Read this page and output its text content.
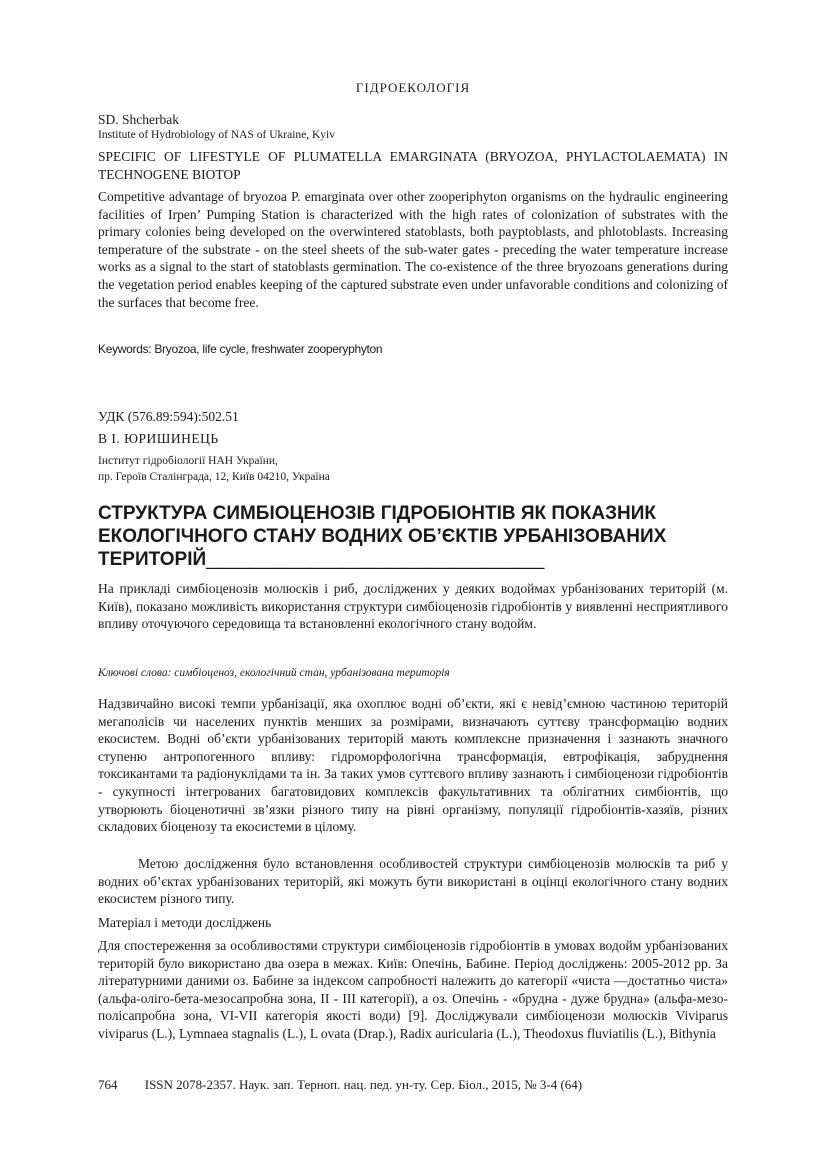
ГІДРОЕКОЛОГІЯ
SD. Shcherbak
Institute of Hydrobiology of NAS of Ukraine, Kyiv
SPECIFIC OF LIFESTYLE OF PLUMATELLA EMARGINATA (BRYOZOA, PHYLACTOLAEMATA) IN TECHNOGENE BIOTOP

Competitive advantage of bryozoa P. emarginata over other zooperiphyton organisms on the hydraulic engineering facilities of Irpen’ Pumping Station is characterized with the high rates of colonization of substrates with the primary colonies being developed on the overwintered statoblasts, both payptoblasts, and phlotoblasts. Increasing temperature of the substrate - on the steel sheets of the sub-water gates - preceding the water temperature increase works as a signal to the start of statoblasts germination. The co-existence of the three bryozoans generations during the vegetation period enables keeping of the captured substrate even under unfavorable conditions and colonizing of the surfaces that become free.

Keywords: Bryozoa, life cycle, freshwater zooperyphyton
УДК (576.89:594):502.51
В І. ЮРИШИНЕЦЬ
Інститут гідробіології НАН України,
пр. Героїв Сталінграда, 12, Київ 04210, Україна
СТРУКТУРА СИМБІОЦЕНОЗІВ ГІДРОБІОНТІВ ЯК ПОКАЗНИК ЕКОЛОГІЧНОГО СТАНУ ВОДНИХ ОБ’ЄКТІВ УРБАНІЗОВАНИХ ТЕРИТОРІЙ________________________________

На прикладі симбіоценозів молюсків і риб, досліджених у деяких водоймах урбанізованих територій (м. Київ), показано можливість використання структури симбіоценозів гідробіонтів у виявленні несприятливого впливу оточуючого середовища та встановленні екологічного стану водойм.

Ключові слова: симбіоценоз, екологічний стан, урбанізована територія

Надзвичайно високі темпи урбанізації, яка охоплює водні об’єкти, які є невід’ємною частиною територій мегаполісів чи населених пунктів менших за розмірами, визначають суттєву трансформацію водних екосистем. Водні об’єкти урбанізованих територій мають комплексне призначення і зазнають значного ступеню антропогенного впливу: гідроморфологічна трансформація, евтрофікація, забруднення токсикантами та радіонуклідами та ін. За таких умов суттєвого впливу зазнають і симбіоценози гідробіонтів - сукупності інтегрованих багатовидових комплексів факультативних та облігатних симбіонтів, що утворюють біоценотичні зв’язки різного типу на рівні організму, популяції гідробіонтів-хазяїв, різних складових біоценозу та екосистеми в цілому.

Метою дослідження було встановлення особливостей структури симбіоценозів молюсків та риб у водних об’єктах урбанізованих територій, які можуть бути використані в оцінці екологічного стану водних екосистем різного типу.

Матеріал і методи досліджень

Для спостереження за особливостями структури симбіоценозів гідробіонтів в умовах водойм урбанізованих територій було використано два озера в межах. Київ: Опечінь, Бабине. Період досліджень: 2005-2012 рр. За літературними даними оз. Бабине за індексом сапробності належить до категорії «чиста —достатньо чиста» (альфа-оліго-бета-мезосапробна зона, II - III категорії), а оз. Опечінь - «брудна - дуже брудна» (альфа-мезо-полісапробна зона, VI-VII категорія якості води) [9]. Досліджували симбіоценози молюсків Viviparus viviparus (L.), Lymnaea stagnalis (L.), L ovata (Drap.), Radix auricularia (L.), Theodoxus fluviatilis (L.), Bithynia

764 ISSN 2078-2357. Наук. зап. Терноп. нац. пед. ун-ту. Сер. Біол., 2015, № 3-4 (64)
